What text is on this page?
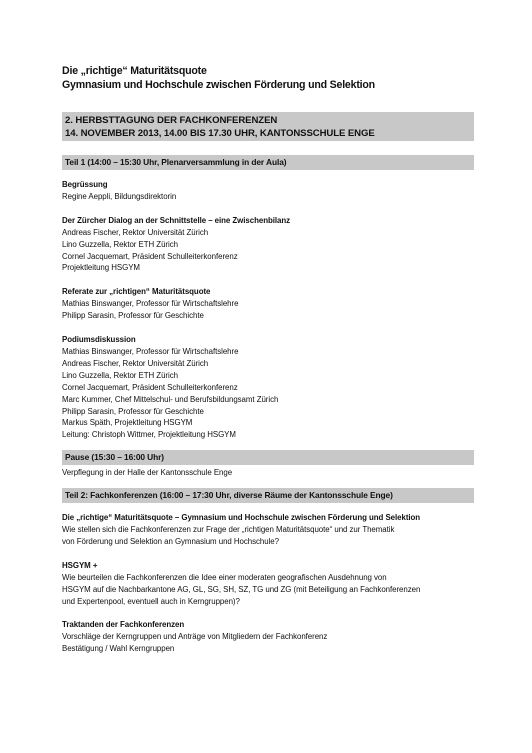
Die „richtige“ Maturitätsquote
Gymnasium und Hochschule zwischen Förderung und Selektion
2. HERBSTTAGUNG DER FACHKONFERENZEN
14. NOVEMBER 2013, 14.00 BIS 17.30 UHR, KANTONSSCHULE ENGE
Teil 1 (14:00 – 15:30 Uhr, Plenarversammlung in der Aula)
Begrüssung
Regine Aeppli, Bildungsdirektorin
Der Zürcher Dialog an der Schnittstelle – eine Zwischenbilanz
Andreas Fischer, Rektor Universität Zürich
Lino Guzzella, Rektor ETH Zürich
Cornel Jacquemart, Präsident Schulleiterkonferenz
Projektleitung HSGYM
Referate zur „richtigen“ Maturitätsquote
Mathias Binswanger, Professor für Wirtschaftslehre
Philipp Sarasin, Professor für Geschichte
Podiumsdiskussion
Mathias Binswanger, Professor für Wirtschaftslehre
Andreas Fischer, Rektor Universität Zürich
Lino Guzzella, Rektor ETH Zürich
Cornel Jacquemart, Präsident Schulleiterkonferenz
Marc Kummer, Chef Mittelschul- und Berufsbildungsamt Zürich
Philipp Sarasin, Professor für Geschichte
Markus Späth, Projektleitung HSGYM
Leitung: Christoph Wittmer, Projektleitung HSGYM
Pause (15:30 – 16:00 Uhr)
Verpflegung in der Halle der Kantonsschule Enge
Teil 2: Fachkonferenzen (16:00 – 17:30 Uhr, diverse Räume der Kantonsschule Enge)
Die „richtige“ Maturitätsquote – Gymnasium und Hochschule zwischen Förderung und Selektion
Wie stellen sich die Fachkonferenzen zur Frage der „richtigen Maturitätsquote“ und zur Thematik
von Förderung und Selektion an Gymnasium und Hochschule?
HSGYM +
Wie beurteilen die Fachkonferenzen die Idee einer moderaten geografischen Ausdehnung von
HSGYM auf die Nachbarkantone AG, GL, SG, SH, SZ, TG und ZG (mit Beteiligung an Fachkonferenzen
und Expertenpool, eventuell auch in Kerngruppen)?
Traktanden der Fachkonferenzen
Vorschläge der Kerngruppen und Anträge von Mitgliedern der Fachkonferenz
Bestätigung / Wahl Kerngruppen
